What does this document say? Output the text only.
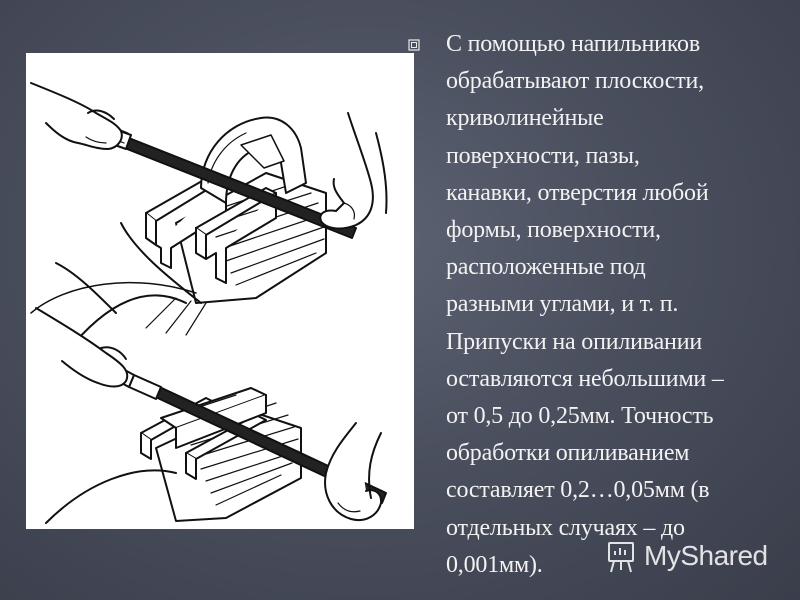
С помощью напильников
обрабатывают плоскости,
криволинейные
поверхности, пазы,
канавки, отверстия любой
формы, поверхности,
расположенные под
разными углами, и т. п.
Припуски на опиливании
оставляются небольшими –
от 0,5 до 0,25мм. Точность
обработки опиливанием
составляет 0,2…0,05мм (в
отдельных случаях – до
0,001мм).	MyShared
